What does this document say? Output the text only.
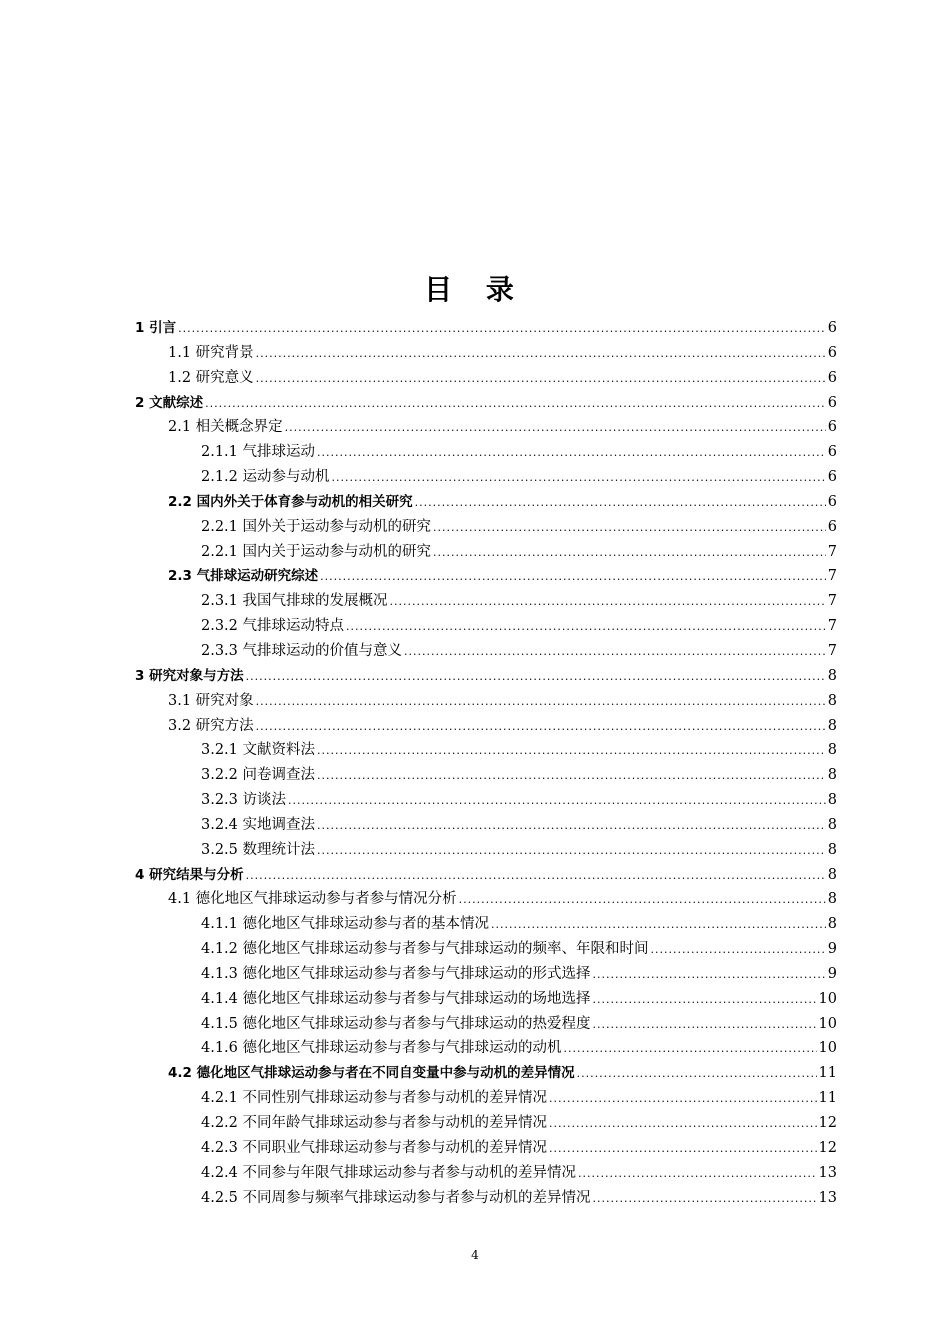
目 录
1 引言 .....	6
1.1 研究背景 .....	6
1.2 研究意义 .....	6
2 文献综述 .....	6
2.1 相关概念界定 .....	6
2.1.1 气排球运动 .....	6
2.1.2 运动参与动机 .....	6
2.2 国内外关于体育参与动机的相关研究 .....	6
2.2.1 国外关于运动参与动机的研究 .....	6
2.2.1 国内关于运动参与动机的研究 .....	7
2.3 气排球运动研究综述 .....	7
2.3.1 我国气排球的发展概况 .....	7
2.3.2 气排球运动特点 .....	7
2.3.3 气排球运动的价值与意义 .....	7
3 研究对象与方法 .....	8
3.1 研究对象 .....	8
3.2 研究方法 .....	8
3.2.1 文献资料法 .....	8
3.2.2 问卷调查法 .....	8
3.2.3 访谈法 .....	8
3.2.4 实地调查法 .....	8
3.2.5 数理统计法 .....	8
4 研究结果与分析 .....	8
4.1 德化地区气排球运动参与者参与情况分析 .....	8
4.1.1 德化地区气排球运动参与者的基本情况 .....	8
4.1.2 德化地区气排球运动参与者参与气排球运动的频率、年限和时间 .....	9
4.1.3 德化地区气排球运动参与者参与气排球运动的形式选择 .....	9
4.1.4 德化地区气排球运动参与者参与气排球运动的场地选择 .....	10
4.1.5 德化地区气排球运动参与者参与气排球运动的热爱程度 .....	10
4.1.6 德化地区气排球运动参与者参与气排球运动的动机 .....	10
4.2 德化地区气排球运动参与者在不同自变量中参与动机的差异情况 .....	11
4.2.1 不同性别气排球运动参与者参与动机的差异情况 .....	11
4.2.2 不同年龄气排球运动参与者参与动机的差异情况 .....	12
4.2.3 不同职业气排球运动参与者参与动机的差异情况 .....	12
4.2.4 不同参与年限气排球运动参与者参与动机的差异情况 .....	13
4.2.5 不同周参与频率气排球运动参与者参与动机的差异情况 .....	13
4
